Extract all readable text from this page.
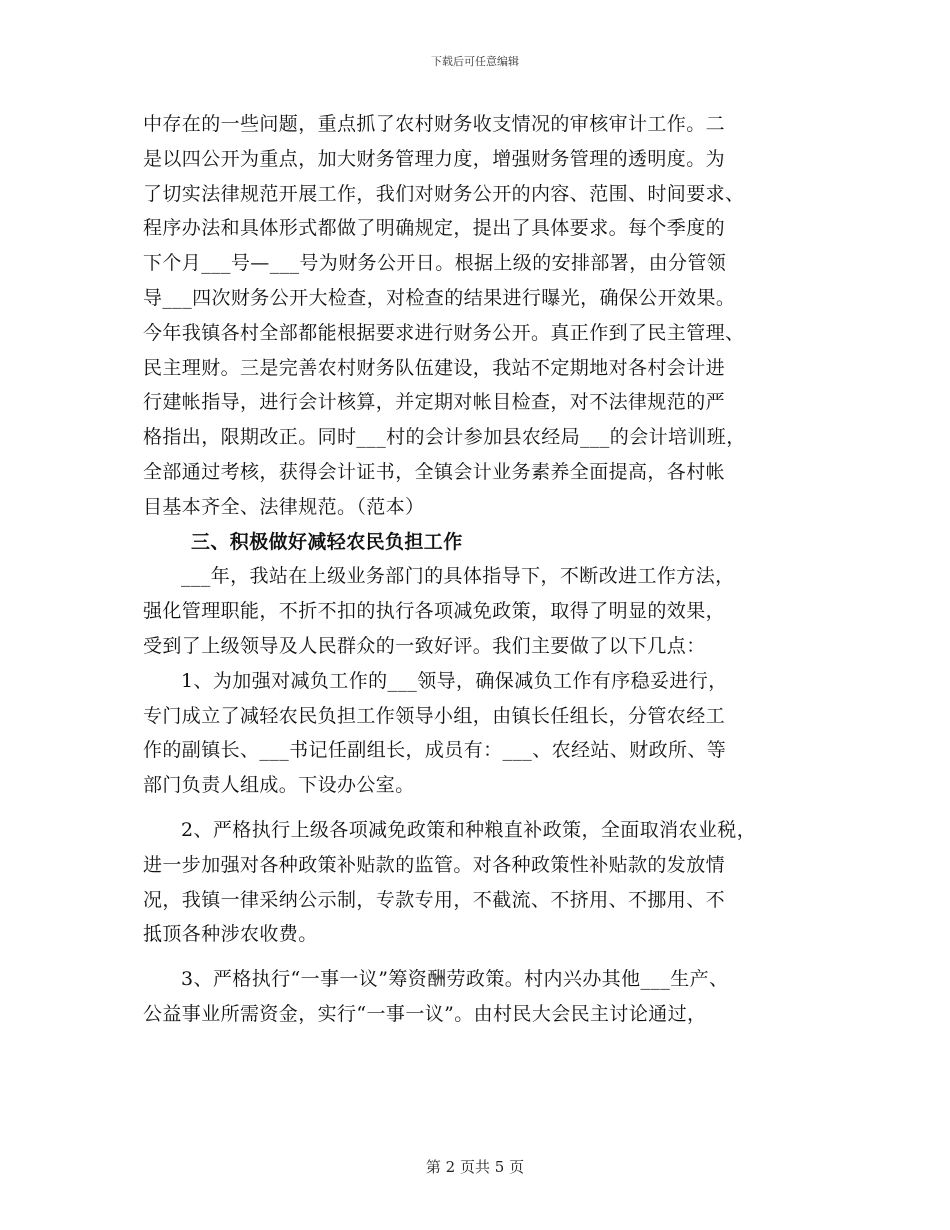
下载后可任意编辑
中存在的一些问题，重点抓了农村财务收支情况的审核审计工作。二
是以四公开为重点，加大财务管理力度，增强财务管理的透明度。为
了切实法律规范开展工作，我们对财务公开的内容、范围、时间要求、
程序办法和具体形式都做了明确规定，提出了具体要求。每个季度的
下个月___号—___号为财务公开日。根据上级的安排部署，由分管领
导___四次财务公开大检查，对检查的结果进行曝光，确保公开效果。
今年我镇各村全部都能根据要求进行财务公开。真正作到了民主管理、
民主理财。三是完善农村财务队伍建设，我站不定期地对各村会计进
行建帐指导，进行会计核算，并定期对帐目检查，对不法律规范的严
格指出，限期改正。同时___村的会计参加县农经局___的会计培训班，
全部通过考核，获得会计证书，全镇会计业务素养全面提高，各村帐
目基本齐全、法律规范。（范本）
三、积极做好减轻农民负担工作
___年，我站在上级业务部门的具体指导下，不断改进工作方法，
强化管理职能，不折不扣的执行各项减免政策，取得了明显的效果，
受到了上级领导及人民群众的一致好评。我们主要做了以下几点：
1、为加强对减负工作的___领导，确保减负工作有序稳妥进行，
专门成立了减轻农民负担工作领导小组，由镇长任组长，分管农经工
作的副镇长、___书记任副组长，成员有：___、农经站、财政所、等
部门负责人组成。下设办公室。
2、严格执行上级各项减免政策和种粮直补政策，全面取消农业税，
进一步加强对各种政策补贴款的监管。对各种政策性补贴款的发放情
况，我镇一律采纳公示制，专款专用，不截流、不挤用、不挪用、不
抵顶各种涉农收费。
3、严格执行“一事一议”筹资酬劳政策。村内兴办其他___生产、
公益事业所需资金，实行“一事一议”。由村民大会民主讨论通过，
第 2 页共 5 页
